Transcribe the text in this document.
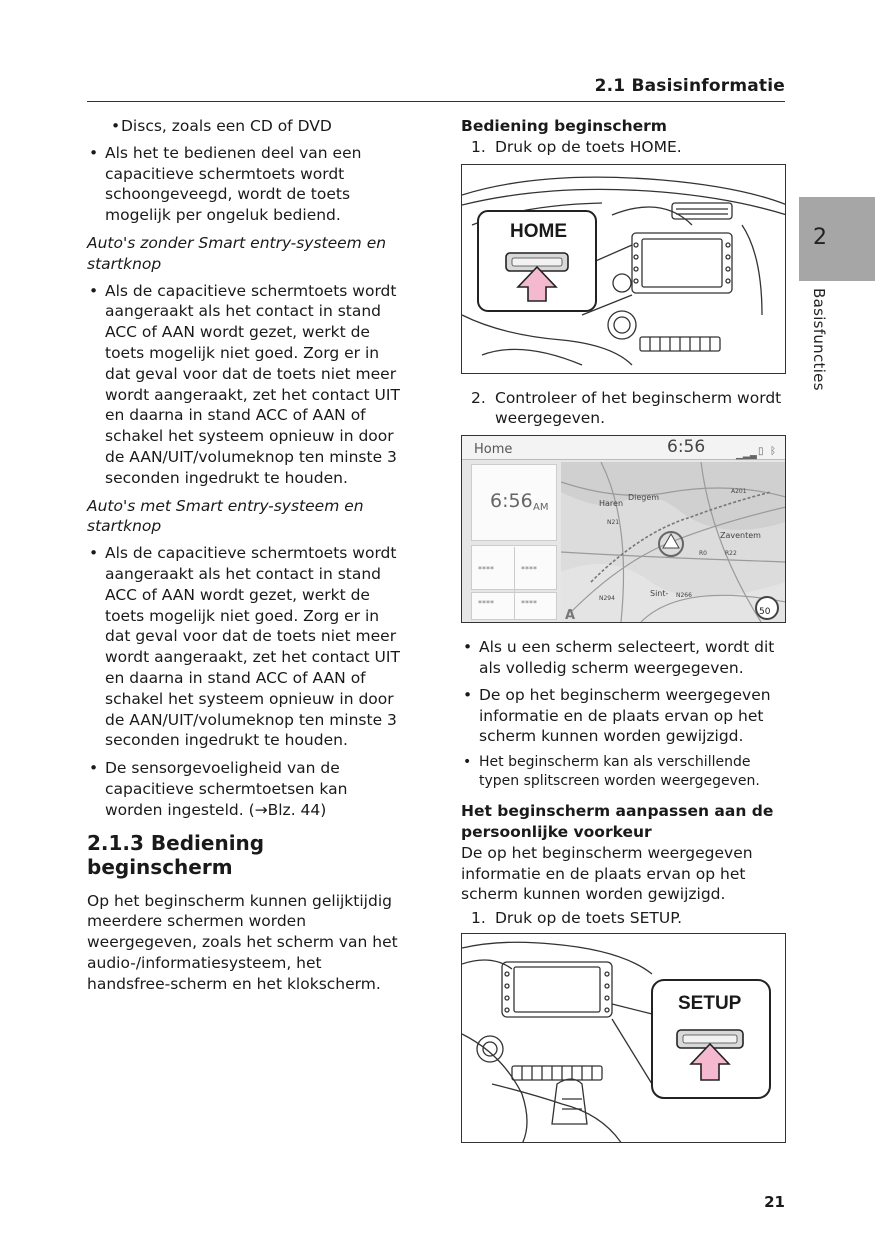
2.1 Basisinformatie
2
Basisfuncties
• Discs, zoals een CD of DVD
• Als het te bedienen deel van een capacitieve schermtoets wordt schoongeveegd, wordt de toets mogelijk per ongeluk bediend.
Auto's zonder Smart entry-systeem en startknop
• Als de capacitieve schermtoets wordt aangeraakt als het contact in stand ACC of AAN wordt gezet, werkt de toets mogelijk niet goed. Zorg er in dat geval voor dat de toets niet meer wordt aangeraakt, zet het contact UIT en daarna in stand ACC of AAN of schakel het systeem opnieuw in door de AAN/UIT/volumeknop ten minste 3 seconden ingedrukt te houden.
Auto's met Smart entry-systeem en startknop
• Als de capacitieve schermtoets wordt aangeraakt als het contact in stand ACC of AAN wordt gezet, werkt de toets mogelijk niet goed. Zorg er in dat geval voor dat de toets niet meer wordt aangeraakt, zet het contact UIT en daarna in stand ACC of AAN of schakel het systeem opnieuw in door de AAN/UIT/volumeknop ten minste 3 seconden ingedrukt te houden.
• De sensorgevoeligheid van de capacitieve schermtoetsen kan worden ingesteld. (→Blz. 44)
2.1.3 Bediening beginscherm
Op het beginscherm kunnen gelijktijdig meerdere schermen worden weergegeven, zoals het scherm van het audio-/informatiesysteem, het handsfree-scherm en het klokscherm.
Bediening beginscherm
1. Druk op de toets HOME.
HOME
2. Controleer of het beginscherm wordt weergegeven.
Home	6:56	▁▂▃ ▯ ᛒ
6:56 AM
****	****
****	****
Diegem
Zaventem
Sint-
Haren
A201
R0	R22
A
N21
N294	N266
50
• Als u een scherm selecteert, wordt dit als volledig scherm weergegeven.
• De op het beginscherm weergegeven informatie en de plaats ervan op het scherm kunnen worden gewijzigd.
• Het beginscherm kan als verschillende typen splitscreen worden weergegeven.
Het beginscherm aanpassen aan de persoonlijke voorkeur
De op het beginscherm weergegeven informatie en de plaats ervan op het scherm kunnen worden gewijzigd.
1. Druk op de toets SETUP.
SETUP
21
